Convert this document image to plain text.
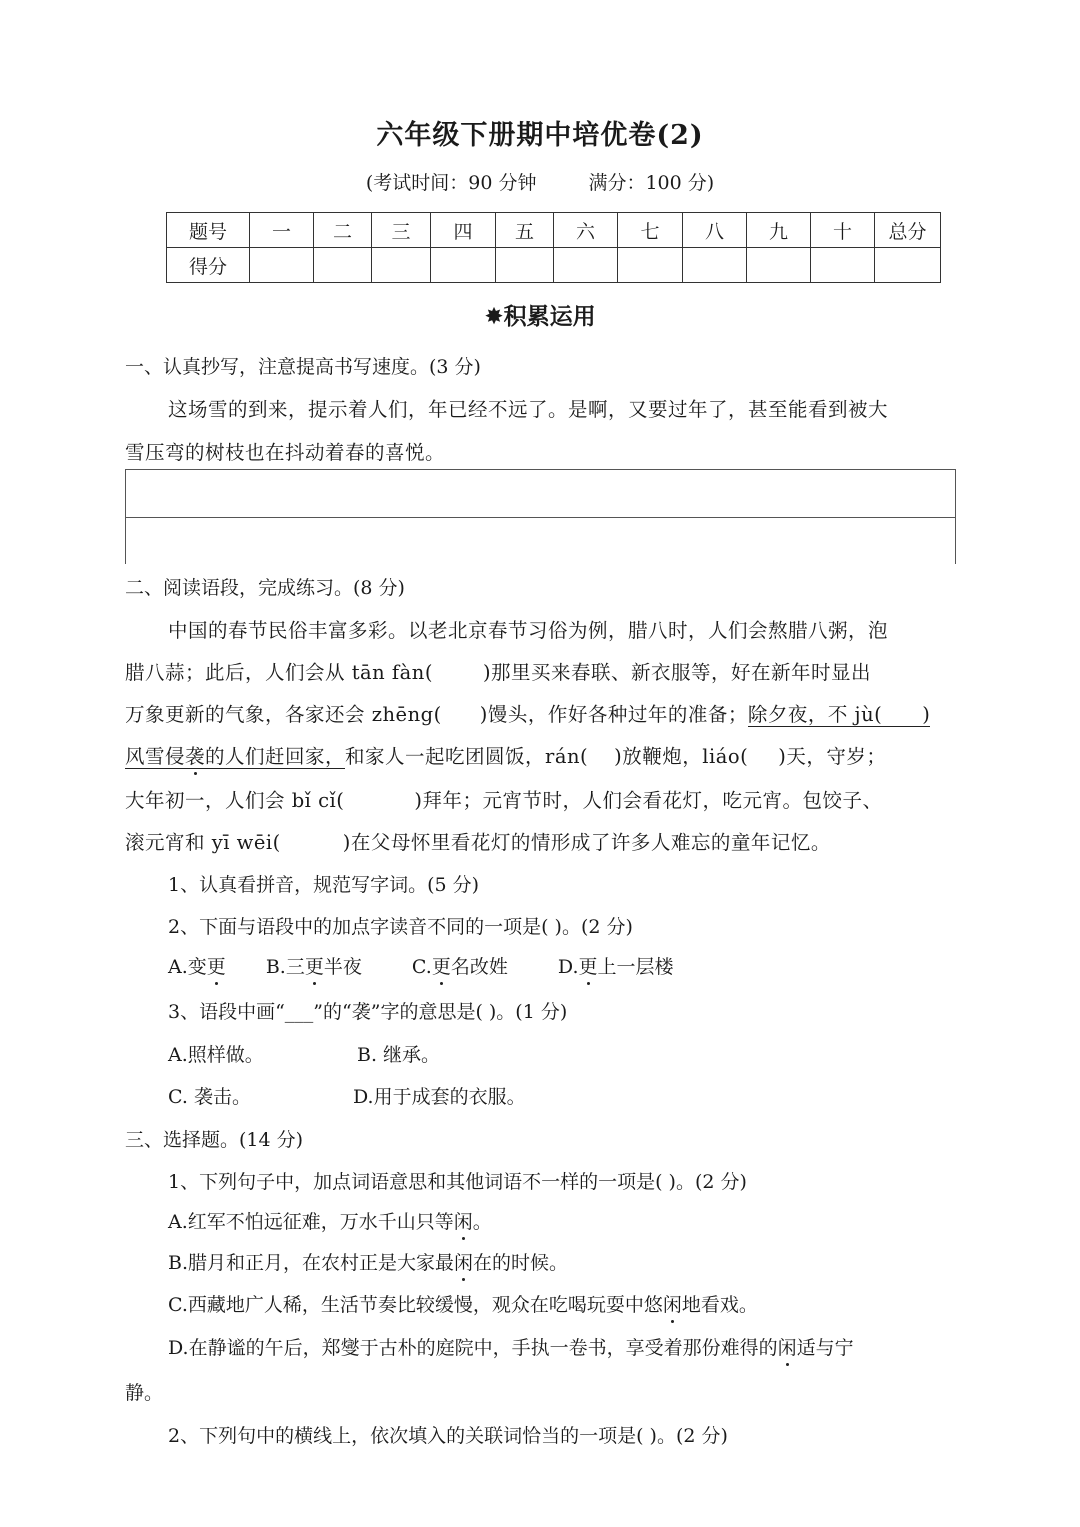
六年级下册期中培优卷(2)
(考试时间：90 分钟	满分：100 分)
题号	一	二	三	四	五	六	七	八	九	十	总分
得分											
✸积累运用
一、认真抄写，注意提高书写速度。(3 分)
这场雪的到来，提示着人们，年已经不远了。是啊，又要过年了，甚至能看到被大
雪压弯的树枝也在抖动着春的喜悦。
二、阅读语段，完成练习。(8 分)
中国的春节民俗丰富多彩。以老北京春节习俗为例，腊八时，人们会熬腊八粥，泡
腊八蒜；此后，人们会从 tān fàn(	)那里买来春联、新衣服等，好在新年时显出
万象更新的气象，各家还会 zhēng( )馒头，作好各种过年的准备；除夕夜，不 jù( )
风雪侵袭的人们赶回家，和家人一起吃团圆饭，rán( )放鞭炮，liáo( )天，守岁；
大年初一，人们会 bǐ cǐ(	)拜年；元宵节时，人们会看花灯，吃元宵。包饺子、
滚元宵和 yī wēi(	)在父母怀里看花灯的情形成了许多人难忘的童年记忆。
1、认真看拼音，规范写字词。(5 分)
2、下面与语段中的加点字读音不同的一项是( )。(2 分)
A.变更 B.三更半夜	C.更名改姓	D.更上一层楼
3、语段中画“___”的“袭”字的意思是( )。(1 分)
A.照样做。	B. 继承。
C. 袭击。	D.用于成套的衣服。
三、选择题。(14 分)
1、下列句子中，加点词语意思和其他词语不一样的一项是( )。(2 分)
A.红军不怕远征难，万水千山只等闲。
B.腊月和正月，在农村正是大家最闲在的时候。
C.西藏地广人稀，生活节奏比较缓慢，观众在吃喝玩耍中悠闲地看戏。
D.在静谧的午后，郑燮于古朴的庭院中，手执一卷书，享受着那份难得的闲适与宁
静。
2、下列句中的横线上，依次填入的关联词恰当的一项是( )。(2 分)
